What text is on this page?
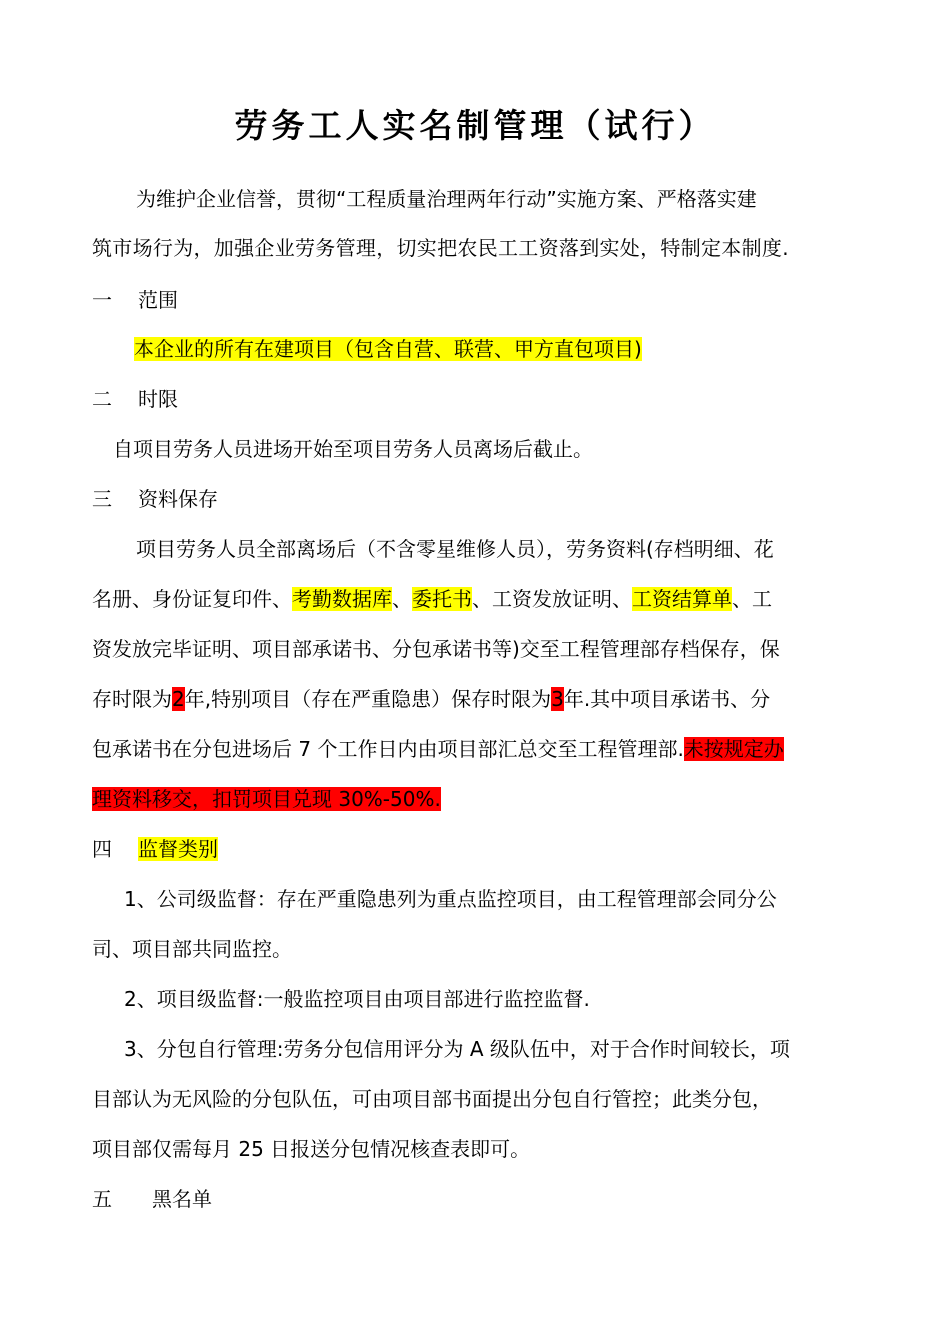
劳务工人实名制管理（试行）
为维护企业信誉，贯彻“工程质量治理两年行动”实施方案、严格落实建
筑市场行为，加强企业劳务管理，切实把农民工工资落到实处，特制定本制度.
一 范围
本企业的所有在建项目（包含自营、联营、甲方直包项目)
二 时限
自项目劳务人员进场开始至项目劳务人员离场后截止。
三 资料保存
项目劳务人员全部离场后（不含零星维修人员），劳务资料(存档明细、花
名册、身份证复印件、考勤数据库、委托书、工资发放证明、工资结算单、工
资发放完毕证明、项目部承诺书、分包承诺书等)交至工程管理部存档保存，保
存时限为2年,特别项目（存在严重隐患）保存时限为3年.其中项目承诺书、分
包承诺书在分包进场后 7 个工作日内由项目部汇总交至工程管理部.未按规定办
理资料移交，扣罚项目兑现 30%-50%.
四 监督类别
1、公司级监督：存在严重隐患列为重点监控项目，由工程管理部会同分公
司、项目部共同监控。
2、项目级监督:一般监控项目由项目部进行监控监督.
3、分包自行管理:劳务分包信用评分为 A 级队伍中，对于合作时间较长，项
目部认为无风险的分包队伍，可由项目部书面提出分包自行管控；此类分包，
项目部仅需每月 25 日报送分包情况核查表即可。
五 黑名单
